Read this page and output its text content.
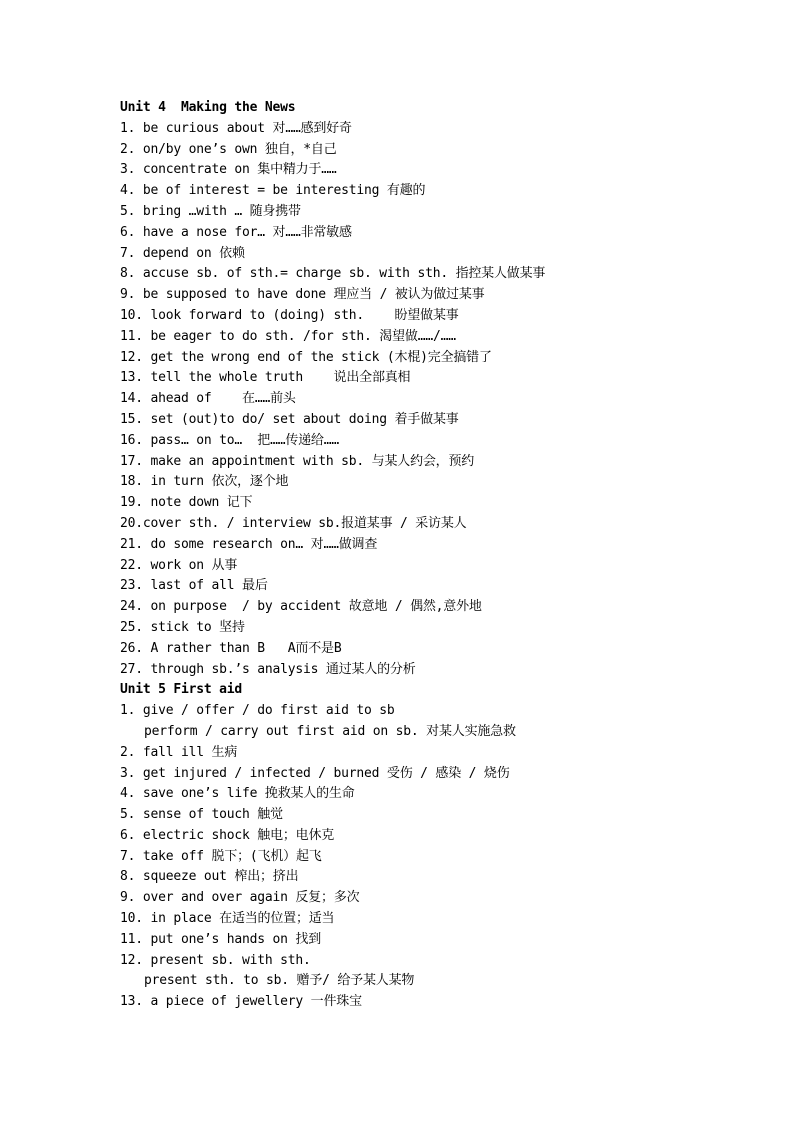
Unit 4  Making the News
1. be curious about 对……感到好奇
2. on/by one’s own 独自，*自己
3. concentrate on 集中精力于……
4. be of interest = be interesting 有趣的
5. bring …with … 随身携带
6. have a nose for… 对……非常敏感
7. depend on 依赖
8. accuse sb. of sth.= charge sb. with sth. 指控某人做某事
9. be supposed to have done 理应当 / 被认为做过某事
10. look forward to (doing) sth.    盼望做某事
11. be eager to do sth. /for sth. 渴望做……/……
12. get the wrong end of the stick (木棍)完全搞错了
13. tell the whole truth    说出全部真相
14. ahead of    在……前头
15. set (out)to do/ set about doing 着手做某事
16. pass… on to…  把……传递给……
17. make an appointment with sb. 与某人约会，预约
18. in turn 依次，逐个地
19. note down 记下
20.cover sth. / interview sb.报道某事 / 采访某人
21. do some research on… 对……做调查
22. work on 从事
23. last of all 最后
24. on purpose  / by accident 故意地 / 偶然,意外地
25. stick to 坚持
26. A rather than B   A而不是B
27. through sb.’s analysis 通过某人的分析
Unit 5 First aid
1. give / offer / do first aid to sb
perform / carry out first aid on sb. 对某人实施急救
2. fall ill 生病
3. get injured / infected / burned 受伤 / 感染 / 烧伤
4. save one’s life 挽救某人的生命
5. sense of touch 触觉
6. electric shock 触电；电休克
7. take off 脱下；(飞机）起飞
8. squeeze out 榨出；挤出
9. over and over again 反复；多次
10. in place 在适当的位置；适当
11. put one’s hands on 找到
12. present sb. with sth.
present sth. to sb. 赠予/ 给予某人某物
13. a piece of jewellery 一件珠宝
